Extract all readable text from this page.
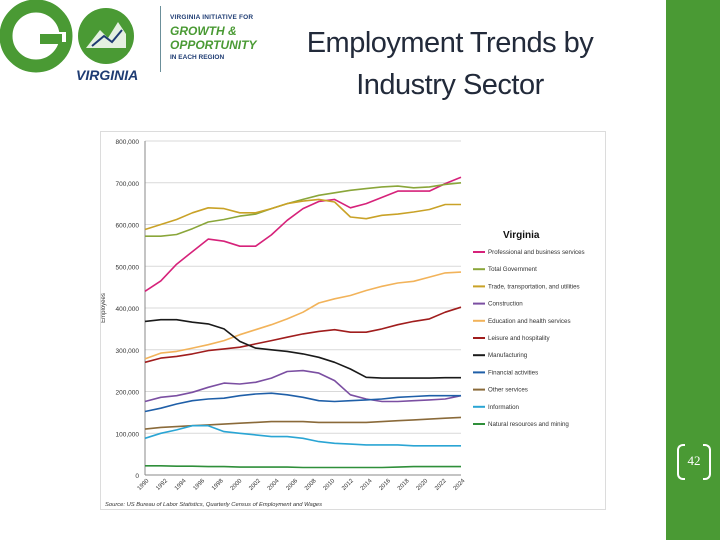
VIRGINIA
VIRGINIA INITIATIVE FOR
GROWTH &
OPPORTUNITY
IN EACH REGION	Employment Trends by
Industry Sector
0
100,000
200,000
300,000
400,000
500,000
600,000
700,000
800,000
Employees
1990 1992 1994 1996 1998 2000 2002 2004 2006 2008 2010 2012 2014 2016 2018 2020 2022 2024
Virginia
Professional and business services
Total Government
Trade, transportation, and utilities
Construction
Education and health services
Leisure and hospitality
Manufacturing
Financial activities
Other services
Information
Natural resources and mining
Source: US Bureau of Labor Statistics, Quarterly Census of Employment and Wages
42
